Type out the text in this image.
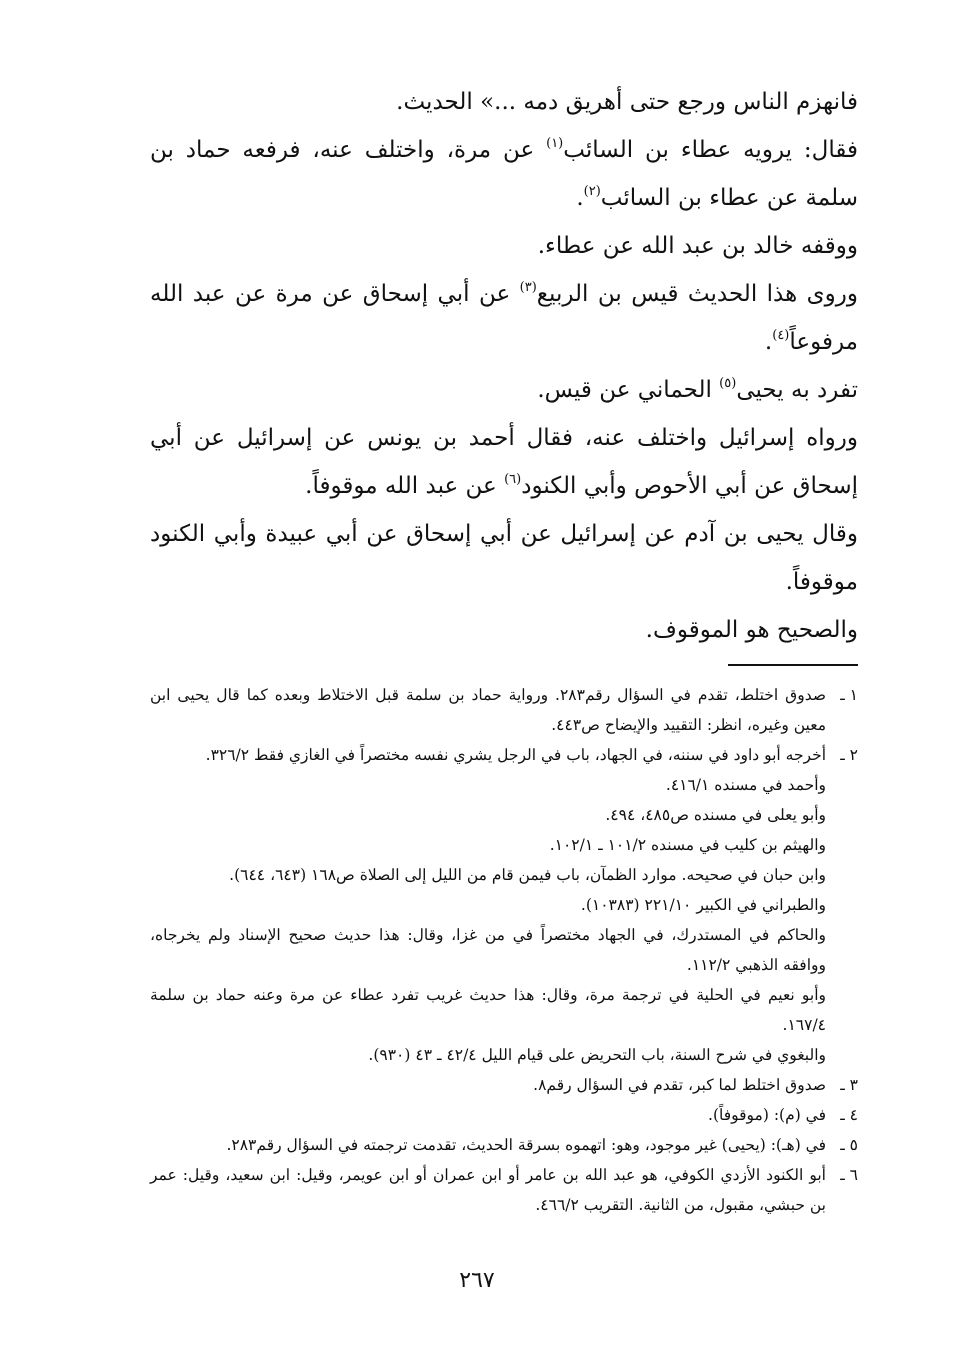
فانهزم الناس ورجع حتى أهريق دمه ...» الحديث.

فقال: يرويه عطاء بن السائب$^{(١)}$ عن مرة، واختلف عنه، فرفعه حماد بن سلمة عن عطاء بن السائب$^{(٢)}$.

ووقفه خالد بن عبد الله عن عطاء.

وروى هذا الحديث قيس بن الربيع$^{(٣)}$ عن أبي إسحاق عن مرة عن عبد الله مرفوعاً$^{(٤)}$.

تفرد به يحيى$^{(٥)}$ الحماني عن قيس.

ورواه إسرائيل واختلف عنه، فقال أحمد بن يونس عن إسرائيل عن أبي إسحاق عن أبي الأحوص وأبي الكنود$^{(٦)}$ عن عبد الله موقوفاً.

وقال يحيى بن آدم عن إسرائيل عن أبي إسحاق عن أبي عبيدة وأبي الكنود موقوفاً.

والصحيح هو الموقوف.

١ ـ
صدوق اختلط، تقدم في السؤال رقم٢٨٣. ورواية حماد بن سلمة قبل الاختلاط وبعده كما قال يحيى ابن معين وغيره، انظر: التقييد والإيضاح ص٤٤٣.
٢ ـ
أخرجه أبو داود في سننه، في الجهاد، باب في الرجل يشري نفسه مختصراً في الغازي فقط ٣٢٦/٢.
وأحمد في مسنده ٤١٦/١.
وأبو يعلى في مسنده ص٤٨٥، ٤٩٤.
والهيثم بن كليب في مسنده ١٠١/٢ ـ ١٠٢/١.
وابن حبان في صحيحه. موارد الظمآن، باب فيمن قام من الليل إلى الصلاة ص١٦٨ (٦٤٣، ٦٤٤).
والطبراني في الكبير ٢٢١/١٠ (١٠٣٨٣).
والحاكم في المستدرك، في الجهاد مختصراً في من غزا، وقال: هذا حديث صحيح الإسناد ولم يخرجاه، ووافقه الذهبي ١١٢/٢.
وأبو نعيم في الحلية في ترجمة مرة، وقال: هذا حديث غريب تفرد عطاء عن مرة وعنه حماد بن سلمة ١٦٧/٤.
والبغوي في شرح السنة، باب التحريض على قيام الليل ٤٢/٤ ـ ٤٣ (٩٣٠).
٣ ـ
صدوق اختلط لما كبر، تقدم في السؤال رقم٨.
٤ ـ
في (م): (موقوفاً).
٥ ـ
في (هـ): (يحيى) غير موجود، وهو: اتهموه بسرقة الحديث، تقدمت ترجمته في السؤال رقم٢٨٣.
٦ ـ
أبو الكنود الأزدي الكوفي، هو عبد الله بن عامر أو ابن عمران أو ابن عويمر، وقيل: ابن سعيد، وقيل: عمر بن حبشي، مقبول، من الثانية. التقريب ٤٦٦/٢.
٢٦٧
